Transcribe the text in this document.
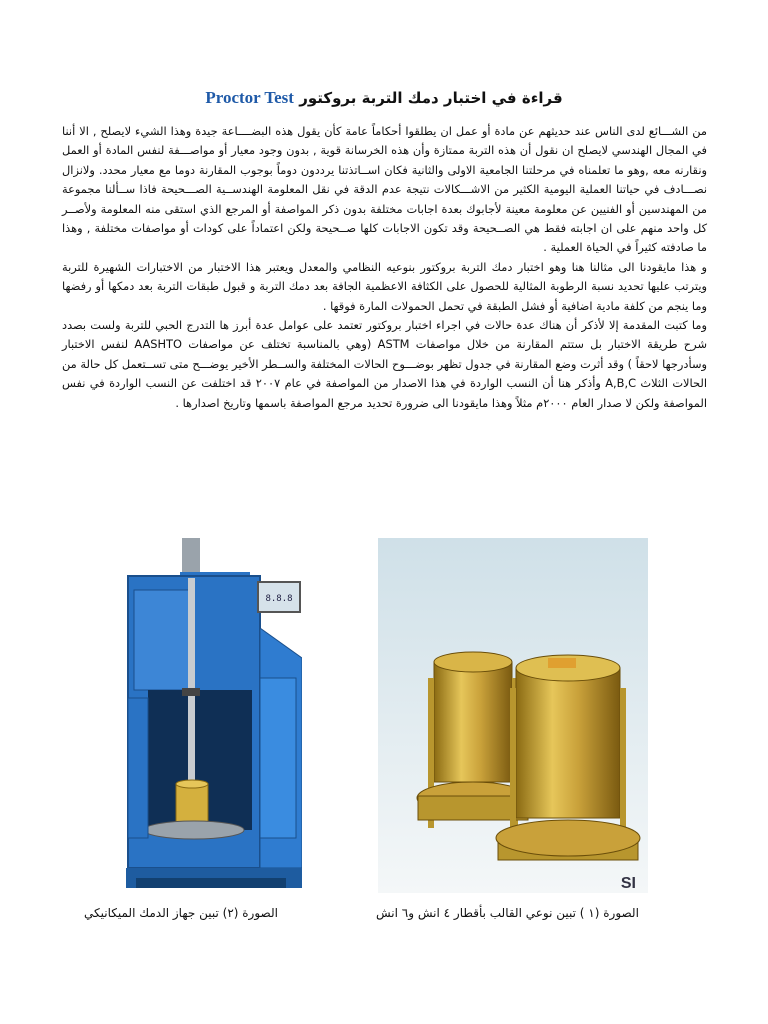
قراءة في اختبار دمك التربة بروكتور Proctor Test

من الشـــائع لدى الناس عند حديثهم عن مادة أو عمل ان يطلقوا أحكاماً عامة كأن يقول هذه البضــــاعة جيدة وهذا الشيء لايصلح , الا أننا في المجال الهندسي لايصلح ان نقول أن هذه التربة ممتازة وأن هذه الخرسانة قوية , بدون وجود معيار أو مواصـــفة لنفس المادة أو العمل ونقارنه معه ,وهو ما تعلمناه في مرحلتنا الجامعية الاولى والثانية فكان اســاتذتنا يرددون دوماً بوجوب المقارنة دوما مع معيار محدد. ولانزال نصـــادف في حياتنا العملية اليومية الكثير من الاشـــكالات نتيجة عدم الدقة في نقل المعلومة الهندســية الصـــحيحة فاذا ســألنا مجموعة من المهندسين أو الفنيين عن معلومة معينة لأجابوك بعدة اجابات مختلفة بدون ذكر المواصفة أو المرجع الذي استقى منه المعلومة ولأصــر كل واحد منهم على ان اجابته فقط هي الصــحيحة وقد تكون الاجابات كلها صــحيحة ولكن اعتماداً على كودات أو مواصفات مختلفة , وهذا ما صادفته كثيراً في الحياة العملية .

و هذا مايقودنا الى مثالنا هنا وهو اختبار دمك التربة بروكتور بنوعيه النظامي والمعدل ويعتبر هذا الاختبار من الاختبارات الشهيرة للتربة ويترتب عليها تحديد نسبة الرطوبة المثالية للحصول على الكثافة الاعظمية الجافة بعد دمك التربة و قبول طبقات التربة بعد دمكها أو رفضها وما ينجم من كلفة مادية اضافية أو فشل الطبقة في تحمل الحمولات المارة فوقها .

وما كتبت المقدمة إلا لأذكر أن هناك عدة حالات في اجراء اختبار بروكتور تعتمد على عوامل عدة أبرز ها التدرج الحبي للتربة ولست بصدد شرح طريقة الاختبار بل ستتم المقارنة من خلال مواصفات ASTM (وهي بالمناسبة تختلف عن مواصفات AASHTO لنفس الاختبار وسأدرجها لاحقاً ) وقد أثرت وضع المقارنة في جدول تظهر بوضـــوح الحالات المختلفة والســطر الأخير يوضـــح متى تســتعمل كل حالة من الحالات الثلاث A,B,C وأذكر هنا أن النسب الواردة في هذا الاصدار من المواصفة في عام ٢٠٠٧ قد اختلفت عن النسب الواردة في نفس المواصفة ولكن لا صدار العام ٢٠٠٠م مثلاً وهذا مايقودنا الى ضرورة تحديد مرجع المواصفة باسمها وتاريخ اصدارها .

8.8.8
SI
الصورة (٢) تبين جهاز الدمك الميكانيكي	الصورة (١ ) تبين نوعي القالب بأقطار ٤ انش و٦ انش
